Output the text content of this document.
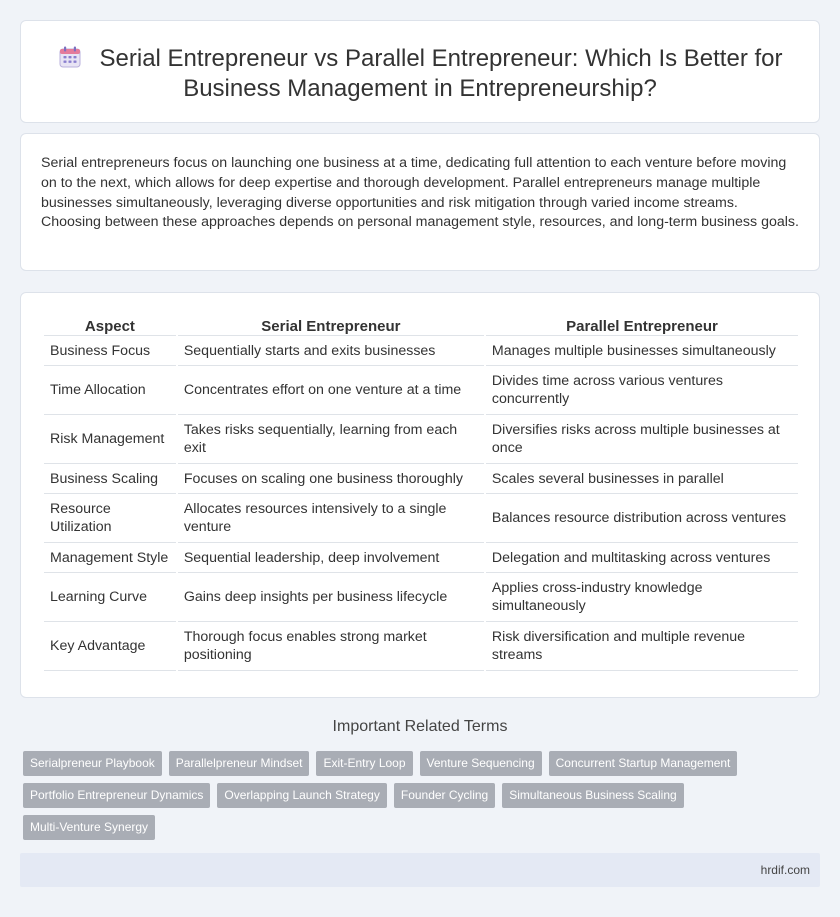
Serial Entrepreneur vs Parallel Entrepreneur: Which Is Better for
Business Management in Entrepreneurship?

Serial entrepreneurs focus on launching one business at a time, dedicating full attention to each venture before moving on to the next, which allows for deep expertise and thorough development. Parallel entrepreneurs manage multiple businesses simultaneously, leveraging diverse opportunities and risk mitigation through varied income streams. Choosing between these approaches depends on personal management style, resources, and long-term business goals.

Aspect	Serial Entrepreneur	Parallel Entrepreneur
Business Focus	Sequentially starts and exits businesses	Manages multiple businesses simultaneously
Time Allocation	Concentrates effort on one venture at a time	Divides time across various ventures concurrently
Risk Management	Takes risks sequentially, learning from each exit	Diversifies risks across multiple businesses at once
Business Scaling	Focuses on scaling one business thoroughly	Scales several businesses in parallel
Resource Utilization	Allocates resources intensively to a single venture	Balances resource distribution across ventures
Management Style	Sequential leadership, deep involvement	Delegation and multitasking across ventures
Learning Curve	Gains deep insights per business lifecycle	Applies cross-industry knowledge simultaneously
Key Advantage	Thorough focus enables strong market positioning	Risk diversification and multiple revenue streams
Important Related Terms
Serialpreneur Playbook	Parallelpreneur Mindset	Exit-Entry Loop	Venture Sequencing	Concurrent Startup Management
Portfolio Entrepreneur Dynamics	Overlapping Launch Strategy	Founder Cycling	Simultaneous Business Scaling
Multi-Venture Synergy
hrdif.com
